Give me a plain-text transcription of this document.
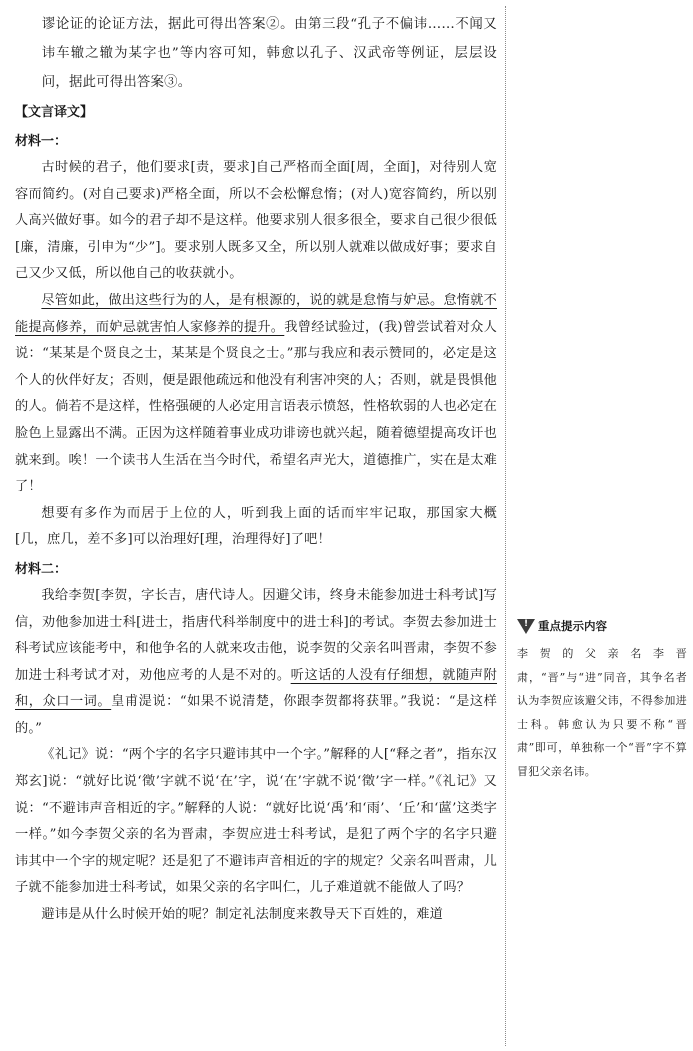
谬论证的论证方法，据此可得出答案②。由第三段“孔子不偏讳……不闻又讳车辙之辙为某字也”等内容可知，韩愈以孔子、汉武帝等例证，层层设问，据此可得出答案③。

【文言译文】
材料一：

古时候的君子，他们要求[责，要求]自己严格而全面[周，全面]，对待别人宽容而简约。(对自己要求)严格全面，所以不会松懈怠惰；(对人)宽容简约，所以别人高兴做好事。如今的君子却不是这样。他要求别人很多很全，要求自己很少很低[廉，清廉，引申为“少”]。要求别人既多又全，所以别人就难以做成好事；要求自己又少又低，所以他自己的收获就小。

尽管如此，做出这些行为的人，是有根源的，说的就是怠惰与妒忌。怠惰就不能提高修养，而妒忌就害怕人家修养的提升。我曾经试验过，(我)曾尝试着对众人说：“某某是个贤良之士，某某是个贤良之士。”那与我应和表示赞同的，必定是这个人的伙伴好友；否则，便是跟他疏远和他没有利害冲突的人；否则，就是畏惧他的人。倘若不是这样，性格强硬的人必定用言语表示愤怒，性格软弱的人也必定在脸色上显露出不满。正因为这样随着事业成功诽谤也就兴起，随着德望提高攻讦也就来到。唉！一个读书人生活在当今时代，希望名声光大，道德推广，实在是太难了！

想要有多作为而居于上位的人，听到我上面的话而牢牢记取，那国家大概[几，庶几，差不多]可以治理好[理，治理得好]了吧！

材料二：

我给李贺[李贺，字长吉，唐代诗人。因避父讳，终身未能参加进士科考试]写信，劝他参加进士科[进士，指唐代科举制度中的进士科]的考试。李贺去参加进士科考试应该能考中，和他争名的人就来攻击他，说李贺的父亲名叫晋肃，李贺不参加进士科考试才对，劝他应考的人是不对的。听这话的人没有仔细想，就随声附和，众口一词。皇甫湜说：“如果不说清楚，你跟李贺都将获罪。”我说：“是这样的。”

《礼记》说：“两个字的名字只避讳其中一个字。”解释的人[“释之者”，指东汉郑玄]说：“就好比说‘徵’字就不说‘在’字，说‘在’字就不说‘徵’字一样。”《礼记》又说：“不避讳声音相近的字。”解释的人说：“就好比说‘禹’和‘雨’、‘丘’和‘蓲’这类字一样。”如今李贺父亲的名为晋肃，李贺应进士科考试，是犯了两个字的名字只避讳其中一个字的规定呢？还是犯了不避讳声音相近的字的规定？父亲名叫晋肃，儿子就不能参加进士科考试，如果父亲的名字叫仁，儿子难道就不能做人了吗？

避讳是从什么时候开始的呢？制定礼法制度来教导天下百姓的，难道

! 重点提示内容

李贺的父亲名李晋肃，“晋”与“进”同音，其争名者认为李贺应该避父讳，不得参加进士科。韩愈认为只要不称“晋肃”即可，单独称一个“晋”字不算冒犯父亲名讳。
